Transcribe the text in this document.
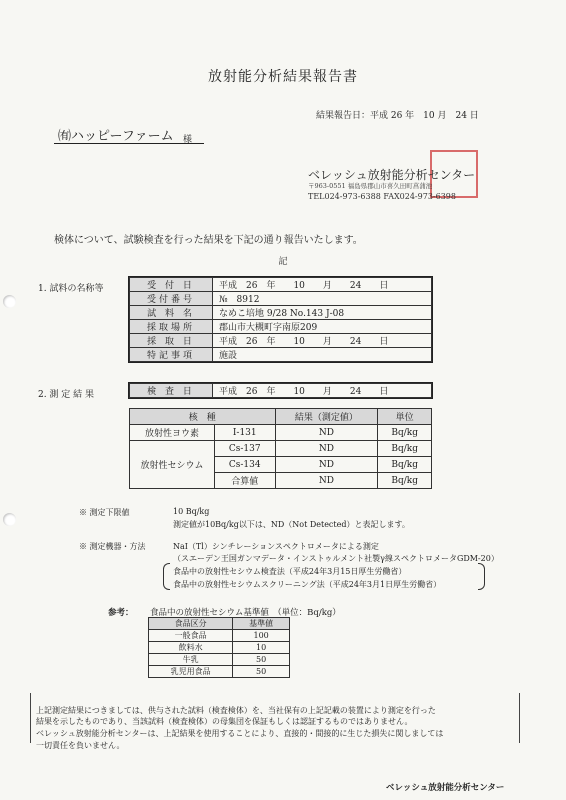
放射能分析結果報告書
結果報告日：平成 26 年　10 月　24 日
㈲ハッピーファーム 様
ベレッシュ放射能分析センター
〒963-0551 福島県郡山市喜久田町菖蒲池
TEL024-973-6388 FAX024-973-6398
検体について、試験検査を行った結果を下記の通り報告いたします。
記
1. 試料の名称等	受 付 日	平成　26　年　　10　　月　　24　　日
受付番号	№　8912
試 料 名	なめこ培地 9/28 No.143 J-08
採取場所	郡山市大槻町字南原209
採 取 日	平成　26　年　　10　　月　　24　　日
特記事項	施設
2. 測 定 結 果	検 査 日	平成　26　年　　10　　月　　24　　日
核　種		結果（測定値）	単位
放射性ヨウ素	I-131	ND	Bq/kg
放射性セシウム	Cs-137	ND	Bq/kg
	Cs-134	ND	Bq/kg
	合算値	ND	Bq/kg
※ 測定下限値	10 Bq/kg
測定値が10Bq/kg以下は、ND（Not Detected）と表記します。
※ 測定機器・方法	NaI（Tl）シンチレーションスペクトロメータによる測定
（スエーデン王国ガンマデータ・インストゥルメント社製γ線スペクトロメータGDM-20）
食品中の放射性セシウム検査法（平成24年3月15日厚生労働省）
食品中の放射性セシウムスクリーニング法（平成24年3月1日厚生労働省）
参考： 食品中の放射性セシウム基準値　（単位：Bq/kg）
食品区分	基準値
一般食品	100
飲料水	10
牛乳	50
乳児用食品	50
上記測定結果につきましては、供与された試料（検査検体）を、当社保有の上記記載の装置により測定を行った
結果を示したものであり、当該試料（検査検体）の母集団を保証もしくは認証するものではありません。
ベレッシュ放射能分析センターは、上記結果を使用することにより、直接的・間接的に生じた損失に関しましては
一切責任を負いません。
ベレッシュ放射能分析センター
